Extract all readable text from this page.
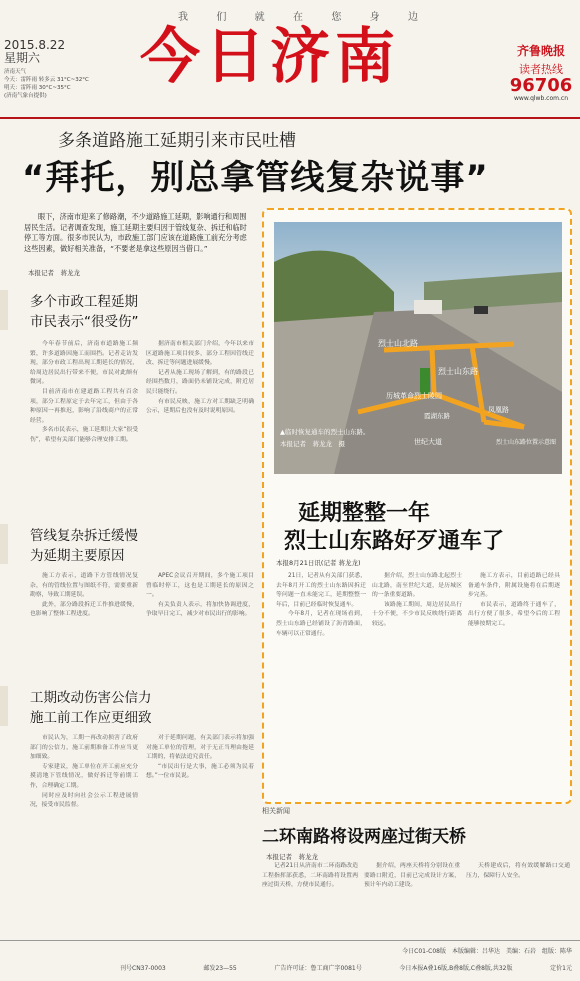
我	们	就	在	您	身	边
2015.8.22
星期六
济南天气
今天：雷阵雨 转多云 31°C~32°C
明天：雷阵雨 30°C~35°C
(济南气象台提供)
今日济南	齐鲁晚报
读者热线
96706
www.qlwb.com.cn
多条道路施工延期引来市民吐槽
“拜托，别总拿管线复杂说事”
眼下，济南市迎来了修路潮，不少道路施工延期，影响通行和周围居民生活。记者调查发现，施工延期主要归因于管线复杂、拆迁和临时停工等方面。很多市民认为，市政施工部门应该在道路施工前充分考虑这些因素，做好相关准备，“不要老是拿这些原因当借口。”
本报记者　蒋龙龙
多个市政工程延期
市民表示“很受伤”

今年春节前后，济南市道路施工频繁，许多道路因施工而围挡。记者走访发现，部分市政工程出现工期延长的情况，给周边居民出行带来不便，市民对此颇有微词。

目前济南市在建道路工程共有百余项，部分工程原定于去年完工，但由于各种原因一再推迟，影响了沿线商户的正常经营。

多名市民表示，施工延期让大家“很受伤”，希望有关部门能够合理安排工期。

据济南市相关部门介绍，今年以来市区道路施工项目较多，部分工程因管线迁改、拆迁等问题进展缓慢。

记者从施工现场了解到，有的路段已经围挡数月，路面仍未铺设完成，附近居民只能绕行。

有市民反映，施工方对工期缺乏明确公示，延期后也没有及时说明原因。

管线复杂拆迁缓慢
为延期主要原因

施工方表示，道路下方管线情况复杂，有的管线位置与图纸不符，需要重新勘察，导致工期延误。

此外，部分路段拆迁工作推进缓慢，也影响了整体工程进度。

APEC会议召开期间，多个施工项目曾临时停工，这也是工期延长的原因之一。

有关负责人表示，将加快协调进度，争取早日完工，减少对市民出行的影响。

工期改动伤害公信力
施工前工作应更细致

市民认为，工期一再改动损害了政府部门的公信力，施工前期准备工作应当更加细致。

专家建议，施工单位在开工前应充分摸清地下管线情况，做好拆迁等前期工作，合理确定工期。

同时应及时向社会公示工程进展情况，接受市民监督。

对于延期问题，有关部门表示将加强对施工单位的管理，对于无正当理由拖延工期的，将依法追究责任。

“市民出行是大事，施工必须为民着想。”一位市民说。

烈士山北路
烈士山东路
历城革命烈士陵园
凤凰路
霞湖东路
世纪大道	烈士山东路位置示意图
▲临时恢复通车的烈士山东路。
本报记者　蒋龙龙　摄
延期整整一年
烈士山东路好歹通车了
本报8月21日讯(记者 蒋龙龙)

21日，记者从有关部门获悉，去年8月开工的烈士山东路因拆迁等问题一直未能完工，延期整整一年后，目前已经临时恢复通车。

今年8月，记者在现场看到，烈士山东路已经铺设了沥青路面，车辆可以正常通行。

据介绍，烈士山东路北起烈士山北路，南至世纪大道，是历城区的一条重要道路。

该路施工期间，周边居民出行十分不便，不少市民反映绕行距离较远。

施工方表示，目前道路已经具备通车条件，附属设施将在后期逐步完善。

市民表示，道路终于通车了，出行方便了很多，希望今后的工程能够按期完工。

相关新闻
二环南路将设两座过街天桥
本报记者　蒋龙龙

记者21日从济南市二环南路改造工程指挥部获悉，二环南路将设置两座过街天桥，方便市民通行。

据介绍，两座天桥将分别设在重要路口附近，目前已完成设计方案，预计年内动工建设。

天桥建成后，将有效缓解路口交通压力，保障行人安全。

今日C01-C08版　本版编辑：吕华达　美编：石岩　组版：陈华
刊号CN37-0003	邮发23—55	广告许可证：鲁工商广字0081号	今日本报A叠16版,B叠8版,C叠8版,共32版	定价1元
